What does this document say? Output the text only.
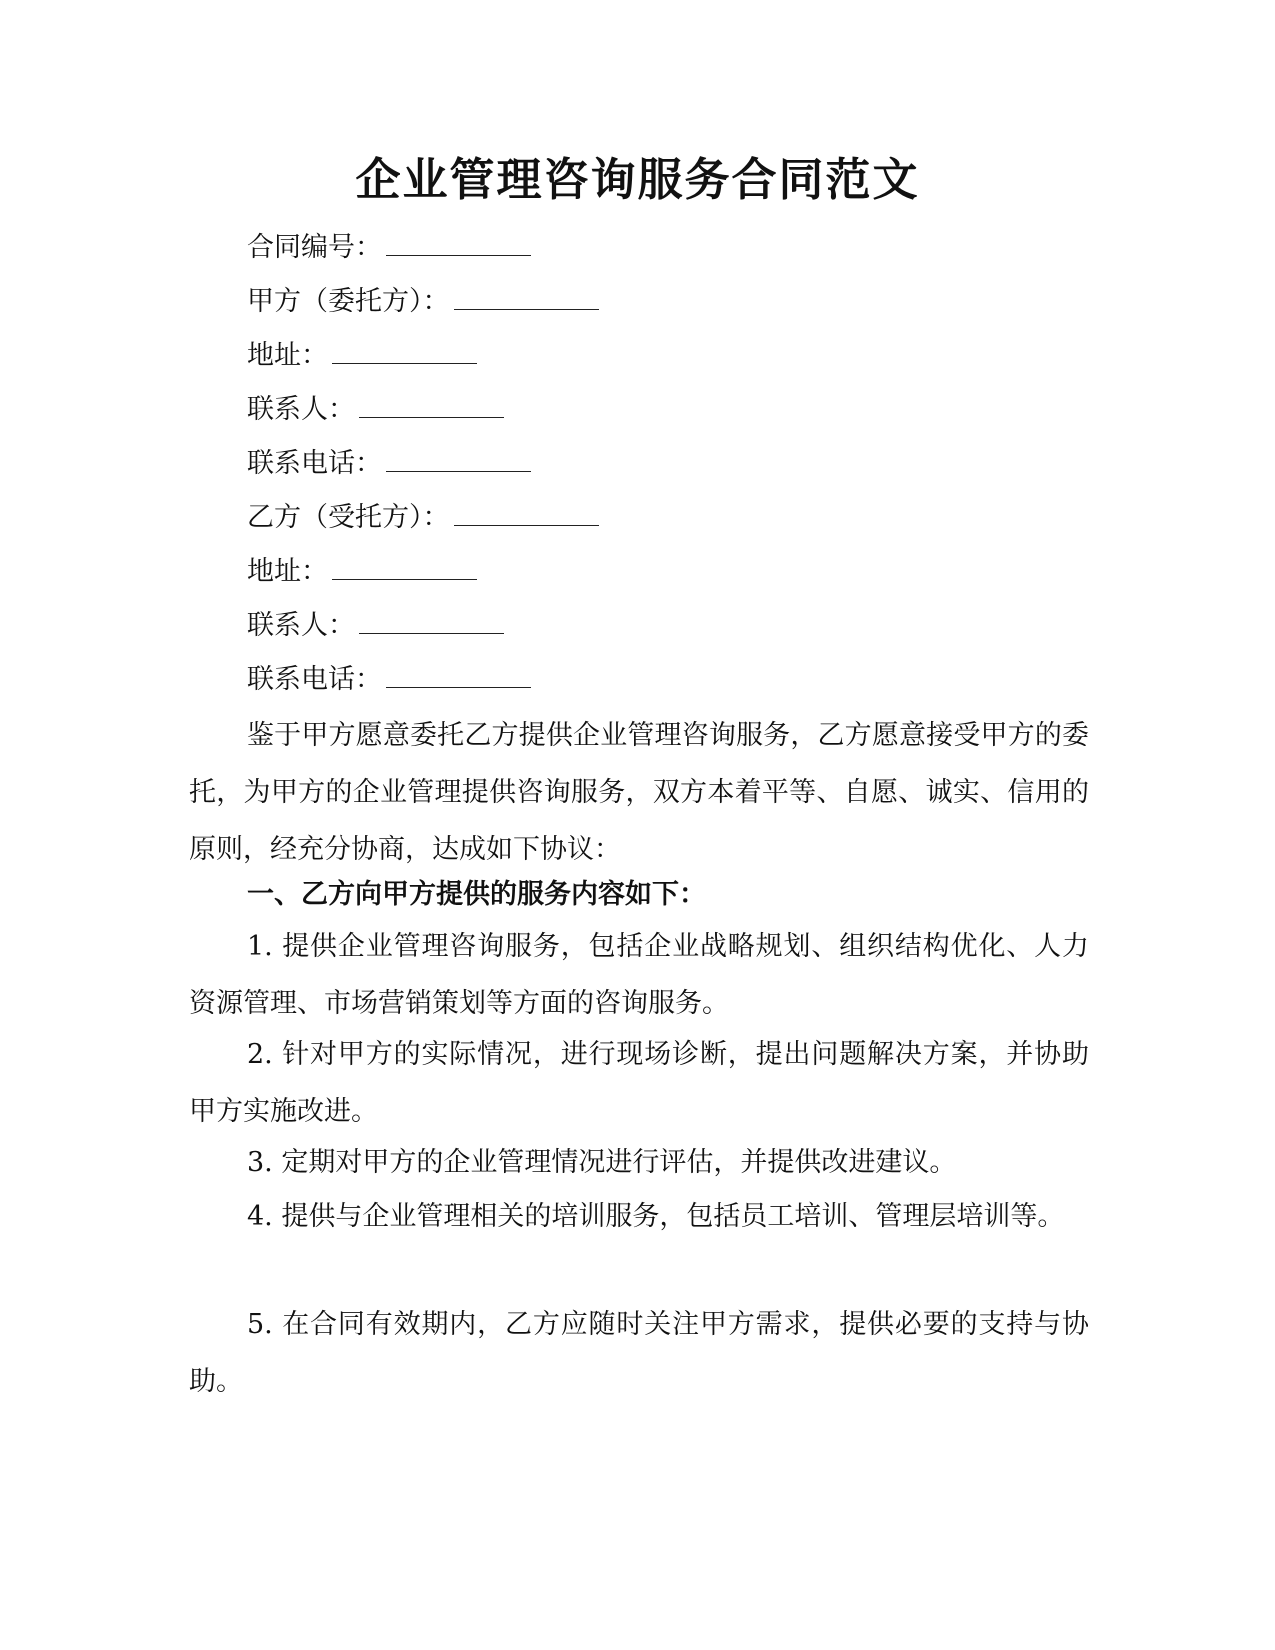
企业管理咨询服务合同范文
合同编号：
甲方（委托方）：
地址：
联系人：
联系电话：
乙方（受托方）：
地址：
联系人：
联系电话：
鉴于甲方愿意委托乙方提供企业管理咨询服务，乙方愿意接受甲方的委托，为甲方的企业管理提供咨询服务，双方本着平等、自愿、诚实、信用的原则，经充分协商，达成如下协议：
一、乙方向甲方提供的服务内容如下：
1. 提供企业管理咨询服务，包括企业战略规划、组织结构优化、人力资源管理、市场营销策划等方面的咨询服务。
2. 针对甲方的实际情况，进行现场诊断，提出问题解决方案，并协助甲方实施改进。
3. 定期对甲方的企业管理情况进行评估，并提供改进建议。
4. 提供与企业管理相关的培训服务，包括员工培训、管理层培训等。
5. 在合同有效期内，乙方应随时关注甲方需求，提供必要的支持与协助。
